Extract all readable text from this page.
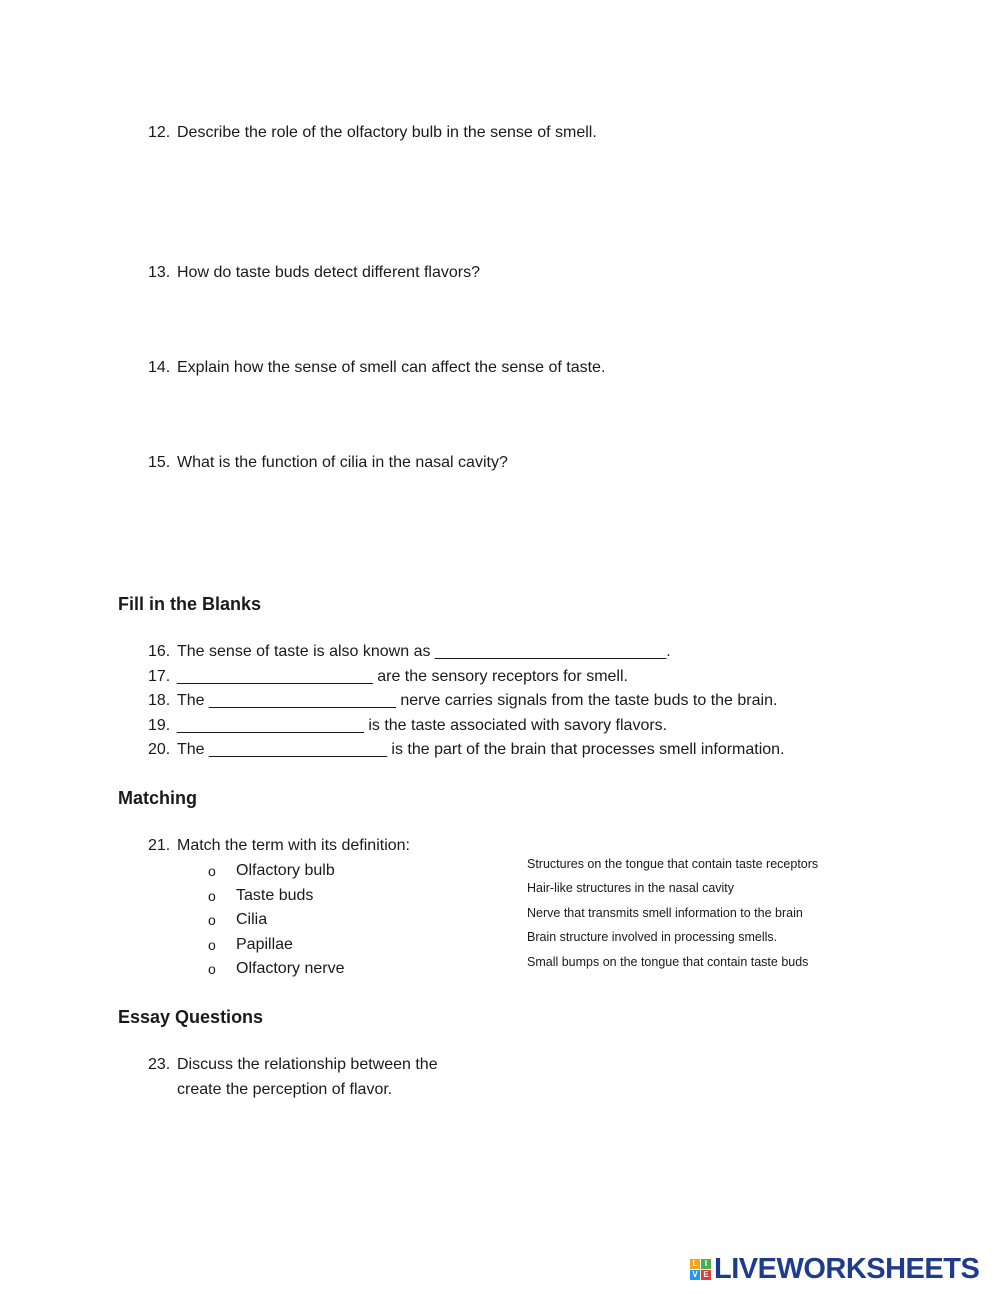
12. Describe the role of the olfactory bulb in the sense of smell.
13. How do taste buds detect different flavors?
14. Explain how the sense of smell can affect the sense of taste.
15. What is the function of cilia in the nasal cavity?
Fill in the Blanks
16. The sense of taste is also known as __________________________.
17. ______________________ are the sensory receptors for smell.
18. The _____________________ nerve carries signals from the taste buds to the brain.
19. _____________________ is the taste associated with savory flavors.
20. The ____________________ is the part of the brain that processes smell information.
Matching
21. Match the term with its definition:
o Olfactory bulb
o Taste buds
o Cilia
o Papillae
o Olfactory nerve
Structures on the tongue that contain taste receptors
Hair-like structures in the nasal cavity
Nerve that transmits smell information to the brain
Brain structure involved in processing smells.
Small bumps on the tongue that contain taste buds
Essay Questions
23. Discuss the relationship between the
create the perception of flavor.
L I
V E LIVEWORKSHEETS
